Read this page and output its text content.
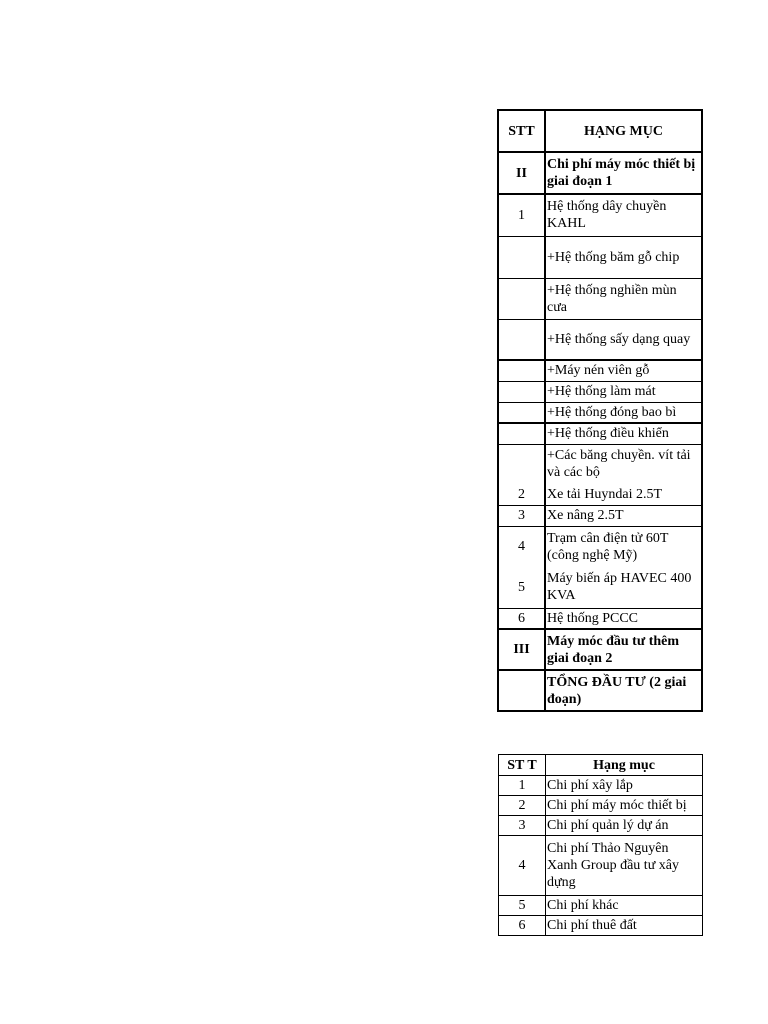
STT	HẠNG MỤC
II	Chi phí máy móc thiết bị giai đoạn 1
1	Hệ thống dây chuyền KAHL
	+Hệ thống băm gỗ chip
	+Hệ thống nghiền mùn cưa
	+Hệ thống sấy dạng quay
	+Máy nén viên gỗ
	+Hệ thống làm mát
	+Hệ thống đóng bao bì
	+Hệ thống điều khiển
	+Các băng chuyền. vít tải và các bộ
2	Xe tải Huyndai 2.5T
3	Xe nâng 2.5T
4	Trạm cân điện tử 60T (công nghệ Mỹ)
5	Máy biến áp HAVEC 400 KVA
6	Hệ thống PCCC
III	Máy móc đầu tư thêm giai đoạn 2
	TỔNG ĐẦU TƯ (2 giai đoạn)
ST T	Hạng mục
1	Chi phí xây lắp
2	Chi phí máy móc thiết bị
3	Chi phí quản lý dự án
4	Chi phí Thảo Nguyên Xanh Group đầu tư xây dựng
5	Chi phí khác
6	Chi phí thuê đất
